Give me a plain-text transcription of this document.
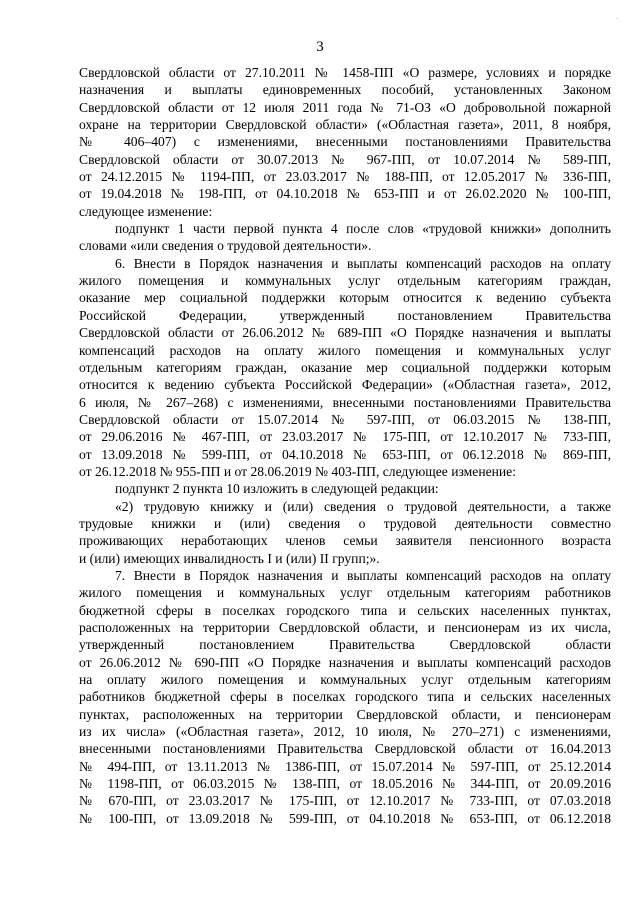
.
3
Свердловской области от 27.10.2011 № 1458-ПП «О размере, условиях и порядке
назначения и выплаты единовременных пособий, установленных Законом
Свердловской области от 12 июля 2011 года № 71-ОЗ «О добровольной пожарной
охране на территории Свердловской области» («Областная газета», 2011, 8 ноября,
№ 406–407) с изменениями, внесенными постановлениями Правительства
Свердловской области от 30.07.2013 № 967-ПП, от 10.07.2014 № 589-ПП,
от 24.12.2015 № 1194-ПП, от 23.03.2017 № 188-ПП, от 12.05.2017 № 336-ПП,
от 19.04.2018 № 198-ПП, от 04.10.2018 № 653-ПП и от 26.02.2020 № 100-ПП,
следующее изменение:
подпункт 1 части первой пункта 4 после слов «трудовой книжки» дополнить
словами «или сведения о трудовой деятельности».
6. Внести в Порядок назначения и выплаты компенсаций расходов на оплату
жилого помещения и коммунальных услуг отдельным категориям граждан,
оказание мер социальной поддержки которым относится к ведению субъекта
Российской Федерации, утвержденный постановлением Правительства
Свердловской области от 26.06.2012 № 689-ПП «О Порядке назначения и выплаты
компенсаций расходов на оплату жилого помещения и коммунальных услуг
отдельным категориям граждан, оказание мер социальной поддержки которым
относится к ведению субъекта Российской Федерации» («Областная газета», 2012,
6 июля, № 267–268) с изменениями, внесенными постановлениями Правительства
Свердловской области от 15.07.2014 № 597-ПП, от 06.03.2015 № 138-ПП,
от 29.06.2016 № 467-ПП, от 23.03.2017 № 175-ПП, от 12.10.2017 № 733-ПП,
от 13.09.2018 № 599-ПП, от 04.10.2018 № 653-ПП, от 06.12.2018 № 869-ПП,
от 26.12.2018 № 955-ПП и от 28.06.2019 № 403-ПП, следующее изменение:
подпункт 2 пункта 10 изложить в следующей редакции:
«2) трудовую книжку и (или) сведения о трудовой деятельности, а также
трудовые книжки и (или) сведения о трудовой деятельности совместно
проживающих неработающих членов семьи заявителя пенсионного возраста
и (или) имеющих инвалидность I и (или) II групп;».
7. Внести в Порядок назначения и выплаты компенсаций расходов на оплату
жилого помещения и коммунальных услуг отдельным категориям работников
бюджетной сферы в поселках городского типа и сельских населенных пунктах,
расположенных на территории Свердловской области, и пенсионерам из их числа,
утвержденный постановлением Правительства Свердловской области
от 26.06.2012 № 690-ПП «О Порядке назначения и выплаты компенсаций расходов
на оплату жилого помещения и коммунальных услуг отдельным категориям
работников бюджетной сферы в поселках городского типа и сельских населенных
пунктах, расположенных на территории Свердловской области, и пенсионерам
из их числа» («Областная газета», 2012, 10 июля, № 270–271) с изменениями,
внесенными постановлениями Правительства Свердловской области от 16.04.2013
№ 494-ПП, от 13.11.2013 № 1386-ПП, от 15.07.2014 № 597-ПП, от 25.12.2014
№ 1198-ПП, от 06.03.2015 № 138-ПП, от 18.05.2016 № 344-ПП, от 20.09.2016
№ 670-ПП, от 23.03.2017 № 175-ПП, от 12.10.2017 № 733-ПП, от 07.03.2018
№ 100-ПП, от 13.09.2018 № 599-ПП, от 04.10.2018 № 653-ПП, от 06.12.2018
